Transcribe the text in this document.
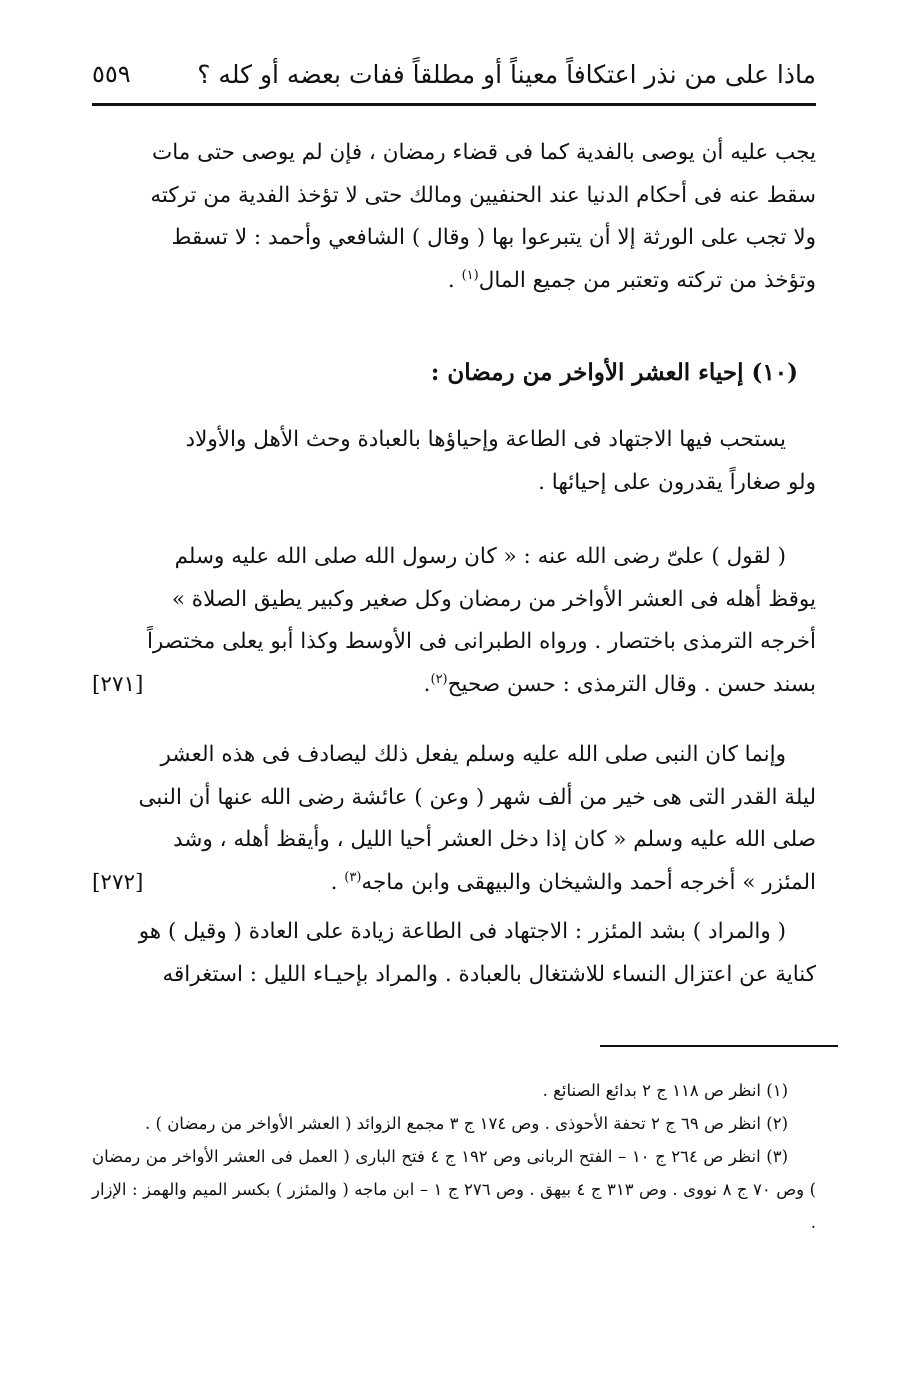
ماذا على من نذر اعتكافاً معيناً أو مطلقاً ففات بعضه أو كله ؟
٥٥٩
يجب عليه أن يوصى بالفدية كما فى قضاء رمضان ، فإن لم يوصى حتى مات
سقط عنه فى أحكام الدنيا عند الحنفيين ومالك حتى لا تؤخذ الفدية من تركته
ولا تجب على الورثة إلا أن يتبرعوا بها ( وقال ) الشافعي وأحمد : لا تسقط
وتؤخذ من تركته وتعتبر من جميع المال$^{(١)}$ .
(١٠) إحياء العشر الأواخر من رمضان :
يستحب فيها الاجتهاد فى الطاعة وإحياؤها بالعبادة وحث الأهل والأولاد
ولو صغاراً يقدرون على إحيائها .
( لقول ) علىّ رضى الله عنه : « كان رسول الله صلى الله عليه وسلم
يوقظ أهله فى العشر الأواخر من رمضان وكل صغير وكبير يطيق الصلاة »
أخرجه الترمذى باختصار . ورواه الطبرانى فى الأوسط وكذا أبو يعلى مختصراً
بسند حسن . وقال الترمذى : حسن صحيح$^{(٢)}$.
[٢٧١]
وإنما كان النبى صلى الله عليه وسلم يفعل ذلك ليصادف فى هذه العشر
ليلة القدر التى هى خير من ألف شهر ( وعن ) عائشة رضى الله عنها أن النبى
صلى الله عليه وسلم « كان إذا دخل العشر أحيا الليل ، وأيقظ أهله ، وشد
المئزر » أخرجه أحمد والشيخان والبيهقى وابن ماجه$^{(٣)}$ .
[٢٧٢]
( والمراد ) بشد المئزر : الاجتهاد فى الطاعة زيادة على العادة ( وقيل ) هو
كناية عن اعتزال النساء للاشتغال بالعبادة . والمراد بإحيـاء الليل : استغراقه

(١) انظر ص ١١٨ ج ٢ بدائع الصنائع .

(٢) انظر ص ٦٩ ج ٢ تحفة الأحوذى . وص ١٧٤ ج ٣ مجمع الزوائد ( العشر الأواخر من رمضان ) .

(٣) انظر ص ٢٦٤ ج ١٠ – الفتح الربانى وص ١٩٢ ج ٤ فتح البارى ( العمل فى العشر الأواخر من رمضان ) وص ٧٠ ج ٨ نووى . وص ٣١٣ ج ٤ بيهق . وص ٢٧٦ ج ١ – ابن ماجه ( والمئزر ) بكسر الميم والهمز : الإزار .
